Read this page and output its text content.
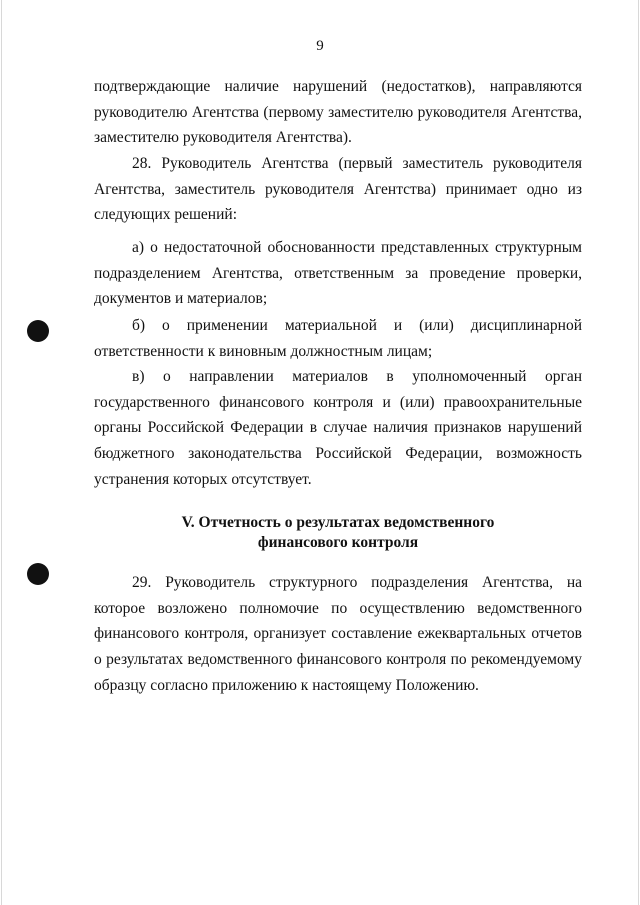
9

подтверждающие наличие нарушений (недостатков), направляются руководителю Агентства (первому заместителю руководителя Агентства, заместителю руководителя Агентства).

28. Руководитель Агентства (первый заместитель руководителя Агентства, заместитель руководителя Агентства) принимает одно из следующих решений:

а) о недостаточной обоснованности представленных структурным подразделением Агентства, ответственным за проведение проверки, документов и материалов;

б) о применении материальной и (или) дисциплинарной ответственности к виновным должностным лицам;

в) о направлении материалов в уполномоченный орган государственного финансового контроля и (или) правоохранительные органы Российской Федерации в случае наличия признаков нарушений бюджетного законодательства Российской Федерации, возможность устранения которых отсутствует.

V. Отчетность о результатах ведомственного
финансового контроля

29. Руководитель структурного подразделения Агентства, на которое возложено полномочие по осуществлению ведомственного финансового контроля, организует составление ежеквартальных отчетов о результатах ведомственного финансового контроля по рекомендуемому образцу согласно приложению к настоящему Положению.
